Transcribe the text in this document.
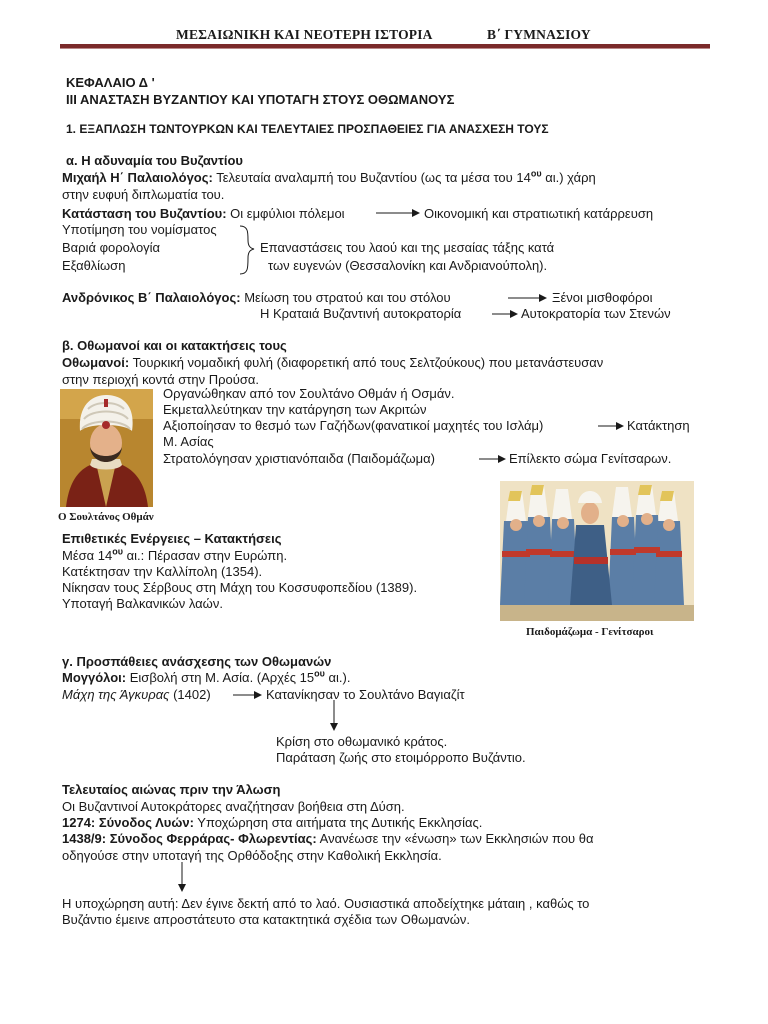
ΜΕΣΑΙΩΝΙΚΗ ΚΑΙ ΝΕΟΤΕΡΗ ΙΣΤΟΡΙΑ	Β΄ ΓΥΜΝΑΣΙΟΥ
ΚΕΦΑΛΑΙΟ Δ '
ΙΙΙ ΑΝΑΣΤΑΣΗ ΒΥΖΑΝΤΙΟΥ ΚΑΙ ΥΠΟΤΑΓΗ ΣΤΟΥΣ ΟΘΩΜΑΝΟΥΣ
1. ΕΞΑΠΛΩΣΗ ΤΩΝΤΟΥΡΚΩΝ ΚΑΙ ΤΕΛΕΥΤΑΙΕΣ ΠΡΟΣΠΑΘΕΙΕΣ ΓΙΑ ΑΝΑΣΧΕΣΗ ΤΟΥΣ
α. Η αδυναμία του Βυζαντίου
Μιχαήλ Η΄ Παλαιολόγος: Τελευταία αναλαμπή του Βυζαντίου (ως τα μέσα του $14^{o\upsilon}$ αι.) χάρη
στην ευφυή διπλωματία του.
Κατάσταση του Βυζαντίου: Οι εμφύλιοι πόλεμοι	Οικονομική και στρατιωτική κατάρρευση
Υποτίμηση του νομίσματος
Βαριά φορολογία
Εξαθλίωση
Επαναστάσεις του λαού και της μεσαίας τάξης κατά
των ευγενών (Θεσσαλονίκη και Ανδριανούπολη).
Ανδρόνικος Β΄ Παλαιολόγος: Μείωση του στρατού και του στόλου	Ξένοι μισθοφόροι
Η Κραταιά Βυζαντινή αυτοκρατορία	Αυτοκρατορία των Στενών
β. Οθωμανοί και οι κατακτήσεις τους
Οθωμανοί: Τουρκική νομαδική φυλή (διαφορετική από τους Σελτζούκους) που μετανάστευσαν
στην περιοχή κοντά στην Προύσα.
Οργανώθηκαν από τον Σουλτάνο Οθμάν ή Οσμάν.
Εκμεταλλεύτηκαν την κατάργηση των Ακριτών
Αξιοποίησαν το θεσμό των Γαζήδων(φανατικοί μαχητές του Ισλάμ)	Κατάκτηση
Μ. Ασίας
Στρατολόγησαν χριστιανόπαιδα (Παιδομάζωμα)	Επίλεκτο σώμα Γενίτσαρων.
Ο Σουλτάνος Οθμάν
Επιθετικές Ενέργειες – Κατακτήσεις
Μέσα $14^{o\upsilon}$ αι.: Πέρασαν στην Ευρώπη.
Κατέκτησαν την Καλλίπολη (1354).
Νίκησαν τους Σέρβους στη Μάχη του Κοσσυφοπεδίου (1389).
Υποταγή Βαλκανικών λαών.
Παιδομάζωμα - Γενίτσαροι
γ. Προσπάθειες ανάσχεσης των Οθωμανών
Μογγόλοι: Εισβολή στη Μ. Ασία. (Αρχές $15^{o\upsilon}$ αι.).
Μάχη της Άγκυρας (1402)	Κατανίκησαν το Σουλτάνο Βαγιαζίτ
Κρίση στο οθωμανικό κράτος.
Παράταση ζωής στο ετοιμόρροπο Βυζάντιο.
Τελευταίος αιώνας πριν την Άλωση
Οι Βυζαντινοί Αυτοκράτορες αναζήτησαν βοήθεια στη Δύση.
1274: Σύνοδος Λυών: Υποχώρηση στα αιτήματα της Δυτικής Εκκλησίας.
1438/9: Σύνοδος Φερράρας- Φλωρεντίας: Ανανέωσε την «ένωση» των Εκκλησιών που θα
οδηγούσε στην υποταγή της Ορθόδοξης στην Καθολική Εκκλησία.
Η υποχώρηση αυτή: Δεν έγινε δεκτή από το λαό. Ουσιαστικά αποδείχτηκε μάταιη , καθώς το
Βυζάντιο έμεινε απροστάτευτο στα κατακτητικά σχέδια των Οθωμανών.
